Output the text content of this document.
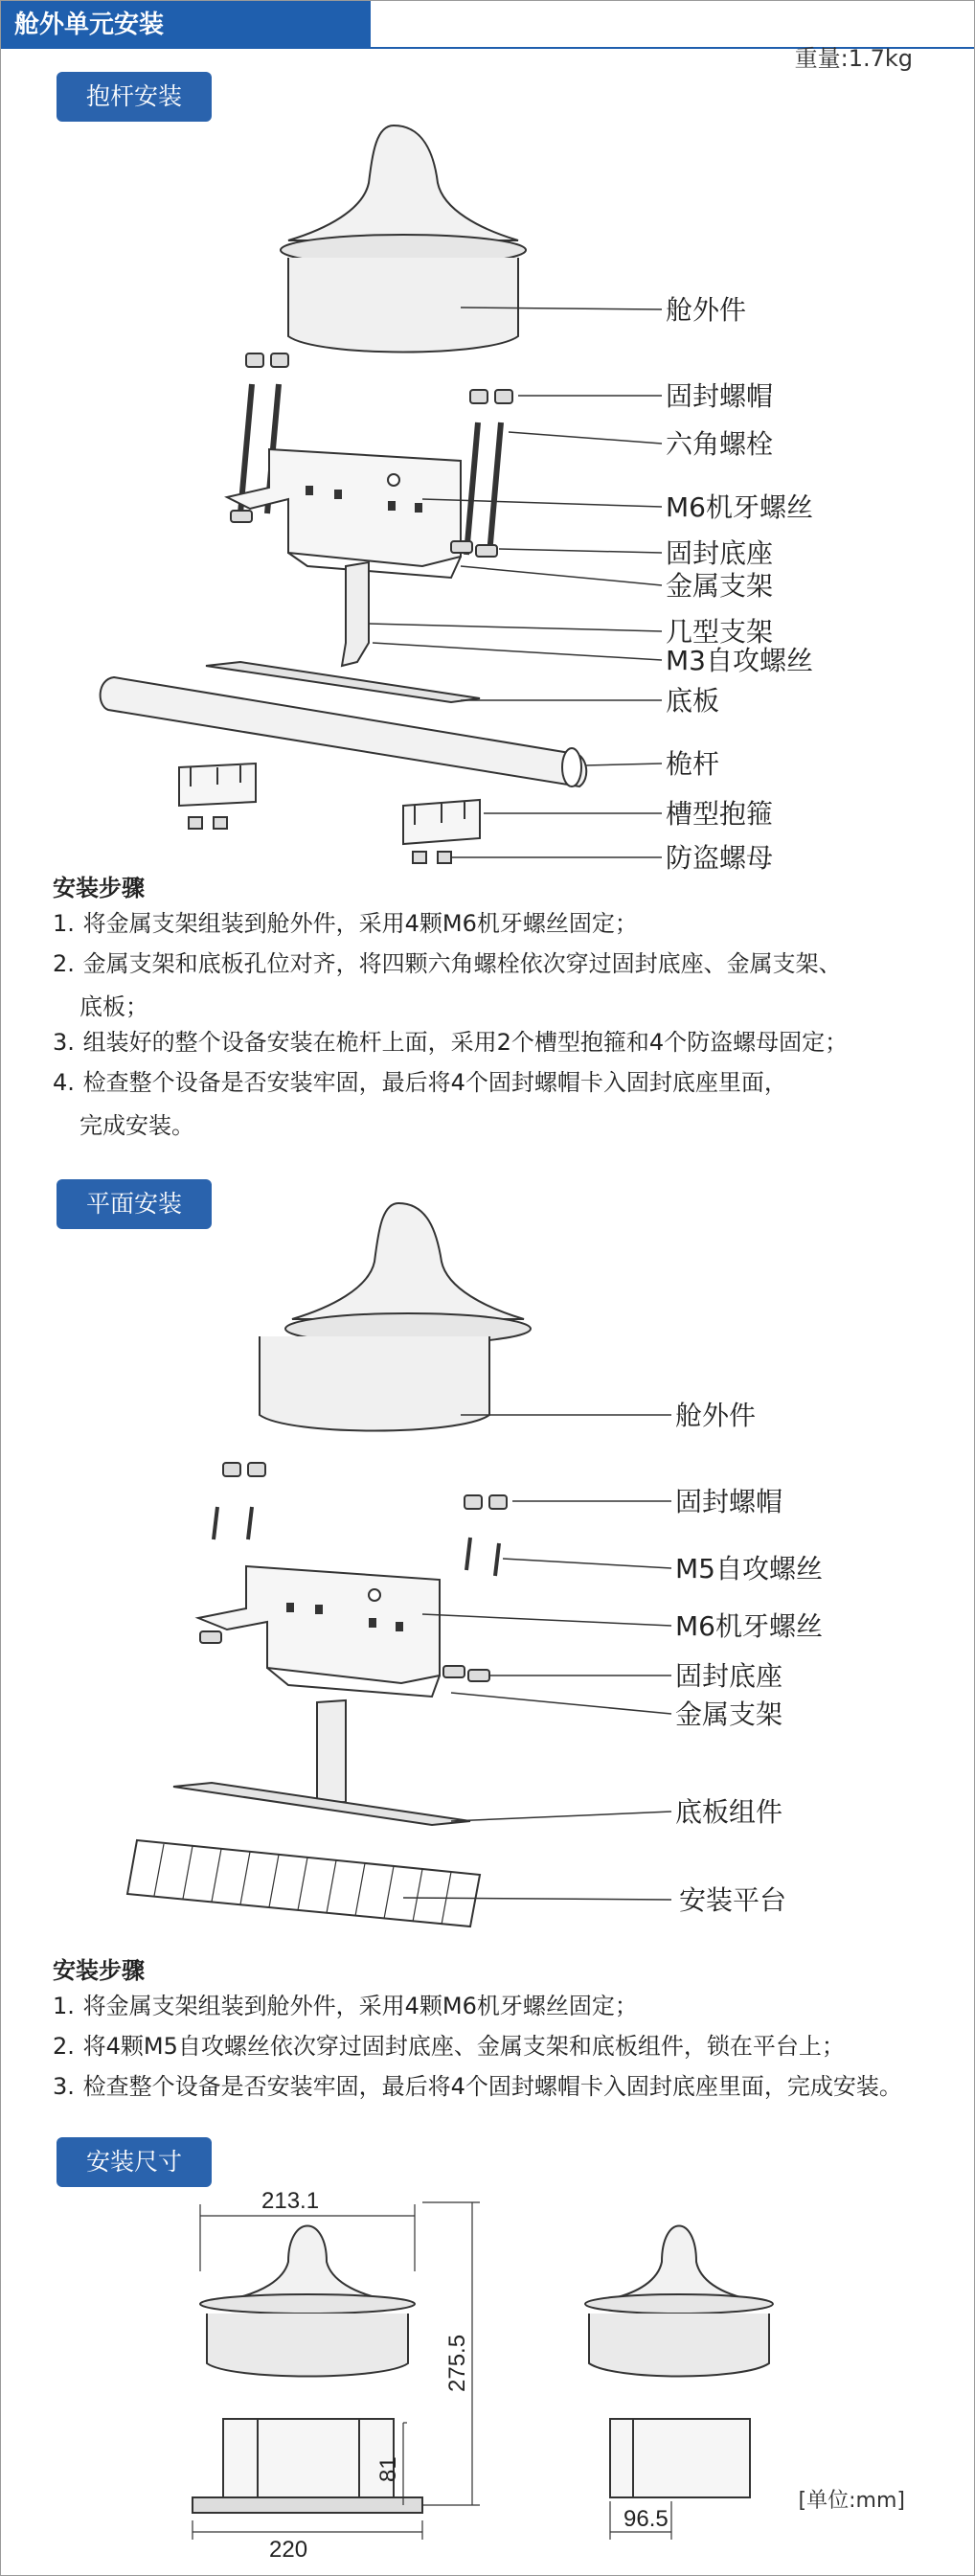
舱外单元安装
重量:1.7kg
抱杆安装
舱外件
固封螺帽
六角螺栓
M6机牙螺丝
固封底座
金属支架
几型支架
M3自攻螺丝
底板
桅杆
槽型抱箍
防盗螺母
安装步骤
1. 将金属支架组装到舱外件，采用4颗M6机牙螺丝固定；
2. 金属支架和底板孔位对齐，将四颗六角螺栓依次穿过固封底座、金属支架、
底板；
3. 组装好的整个设备安装在桅杆上面，采用2个槽型抱箍和4个防盗螺母固定；
4. 检查整个设备是否安装牢固，最后将4个固封螺帽卡入固封底座里面，
完成安装。
平面安装
舱外件
固封螺帽
M5自攻螺丝
M6机牙螺丝
固封底座
金属支架
底板组件
安装平台
安装步骤
1. 将金属支架组装到舱外件，采用4颗M6机牙螺丝固定；
2. 将4颗M5自攻螺丝依次穿过固封底座、金属支架和底板组件，锁在平台上；
3. 检查整个设备是否安装牢固，最后将4个固封螺帽卡入固封底座里面，完成安装。
安装尺寸
213.1
275.5
81
220
96.5
[单位:mm]
